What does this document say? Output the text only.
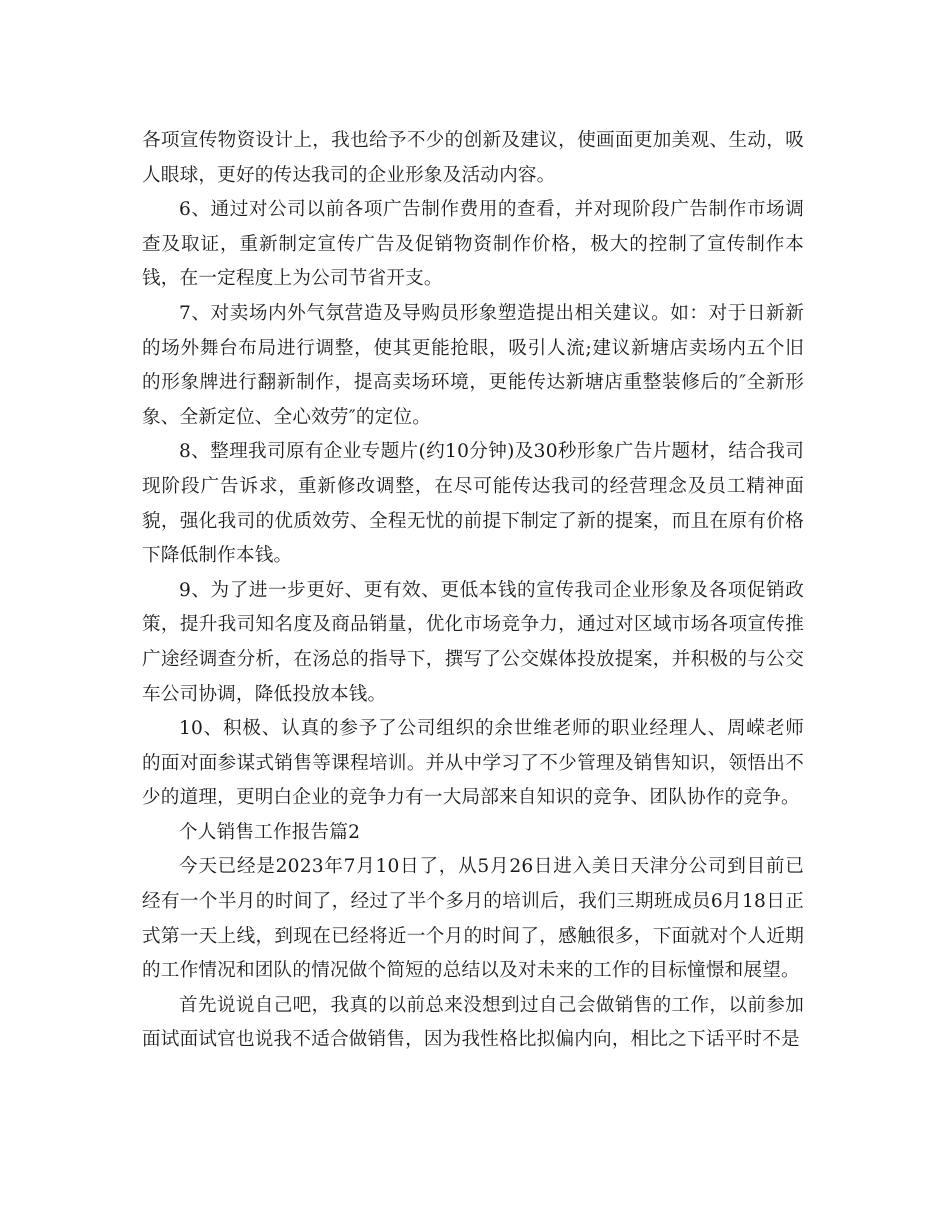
各项宣传物资设计上，我也给予不少的创新及建议，使画面更加美观、生动，吸人眼球，更好的传达我司的企业形象及活动内容。

6、通过对公司以前各项广告制作费用的查看，并对现阶段广告制作市场调查及取证，重新制定宣传广告及促销物资制作价格，极大的控制了宣传制作本钱，在一定程度上为公司节省开支。

7、对卖场内外气氛营造及导购员形象塑造提出相关建议。如：对于日新新的场外舞台布局进行调整，使其更能抢眼，吸引人流;建议新塘店卖场内五个旧的形象牌进行翻新制作，提高卖场环境，更能传达新塘店重整装修后的″全新形象、全新定位、全心效劳″的定位。

8、整理我司原有企业专题片(约10分钟)及30秒形象广告片题材，结合我司现阶段广告诉求，重新修改调整，在尽可能传达我司的经营理念及员工精神面貌，强化我司的优质效劳、全程无忧的前提下制定了新的提案，而且在原有价格下降低制作本钱。

9、为了进一步更好、更有效、更低本钱的宣传我司企业形象及各项促销政策，提升我司知名度及商品销量，优化市场竞争力，通过对区域市场各项宣传推广途经调查分析，在汤总的指导下，撰写了公交媒体投放提案，并积极的与公交车公司协调，降低投放本钱。

10、积极、认真的参予了公司组织的余世维老师的职业经理人、周嵘老师的面对面参谋式销售等课程培训。并从中学习了不少管理及销售知识，领悟出不少的道理，更明白企业的竞争力有一大局部来自知识的竞争、团队协作的竞争。

个人销售工作报告篇2

今天已经是2023年7月10日了，从5月26日进入美日天津分公司到目前已经有一个半月的时间了，经过了半个多月的培训后，我们三期班成员6月18日正式第一天上线，到现在已经将近一个月的时间了，感触很多，下面就对个人近期的工作情况和团队的情况做个简短的总结以及对未来的工作的目标憧憬和展望。

首先说说自己吧，我真的以前总来没想到过自己会做销售的工作，以前参加面试面试官也说我不适合做销售，因为我性格比拟偏内向，相比之下话平时不是
